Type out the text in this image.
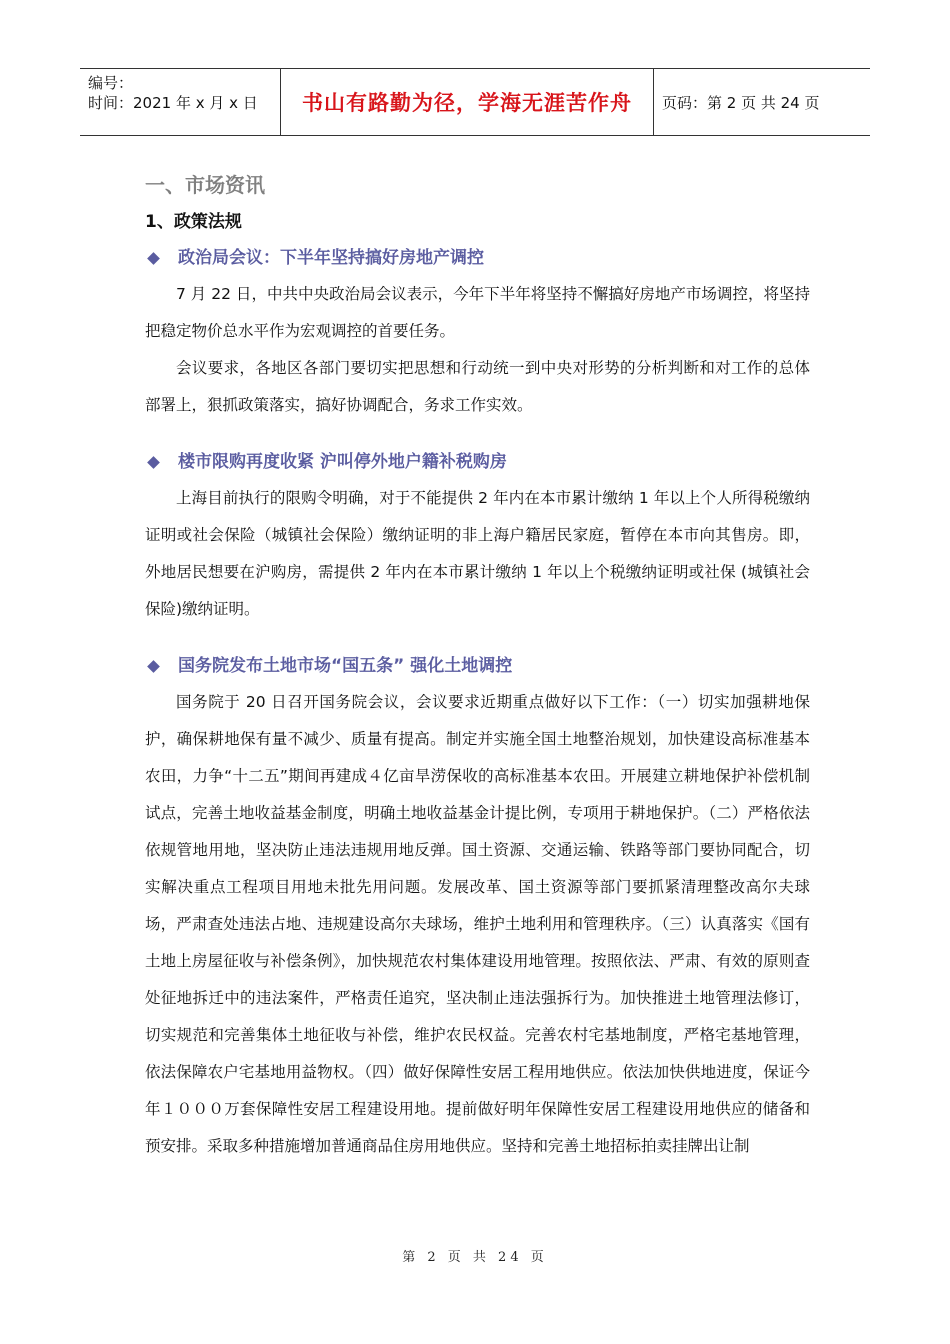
编号：
时间：2021 年 x 月 x 日	书山有路勤为径，学海无涯苦作舟	页码：第 2 页 共 24 页
一、市场资讯
1、政策法规
政治局会议：下半年坚持搞好房地产调控

7 月 22 日，中共中央政治局会议表示，今年下半年将坚持不懈搞好房地产市场调控，将坚持把稳定物价总水平作为宏观调控的首要任务。

会议要求，各地区各部门要切实把思想和行动统一到中央对形势的分析判断和对工作的总体部署上，狠抓政策落实，搞好协调配合，务求工作实效。

楼市限购再度收紧 沪叫停外地户籍补税购房

上海目前执行的限购令明确，对于不能提供 2 年内在本市累计缴纳 1 年以上个人所得税缴纳证明或社会保险（城镇社会保险）缴纳证明的非上海户籍居民家庭，暂停在本市向其售房。即，外地居民想要在沪购房，需提供 2 年内在本市累计缴纳 1 年以上个税缴纳证明或社保 (城镇社会保险)缴纳证明。

国务院发布土地市场“国五条” 强化土地调控

国务院于 20 日召开国务院会议，会议要求近期重点做好以下工作：（一）切实加强耕地保护，确保耕地保有量不减少、质量有提高。制定并实施全国土地整治规划，加快建设高标准基本农田，力争“十二五”期间再建成４亿亩旱涝保收的高标准基本农田。开展建立耕地保护补偿机制试点，完善土地收益基金制度，明确土地收益基金计提比例，专项用于耕地保护。（二）严格依法依规管地用地，坚决防止违法违规用地反弹。国土资源、交通运输、铁路等部门要协同配合，切实解决重点工程项目用地未批先用问题。发展改革、国土资源等部门要抓紧清理整改高尔夫球场，严肃查处违法占地、违规建设高尔夫球场，维护土地利用和管理秩序。（三）认真落实《国有土地上房屋征收与补偿条例》，加快规范农村集体建设用地管理。按照依法、严肃、有效的原则查处征地拆迁中的违法案件，严格责任追究，坚决制止违法强拆行为。加快推进土地管理法修订，切实规范和完善集体土地征收与补偿，维护农民权益。完善农村宅基地制度，严格宅基地管理，依法保障农户宅基地用益物权。（四）做好保障性安居工程用地供应。依法加快供地进度，保证今年１０００万套保障性安居工程建设用地。提前做好明年保障性安居工程建设用地供应的储备和预安排。采取多种措施增加普通商品住房用地供应。坚持和完善土地招标拍卖挂牌出让制

第 2 页 共 24 页
